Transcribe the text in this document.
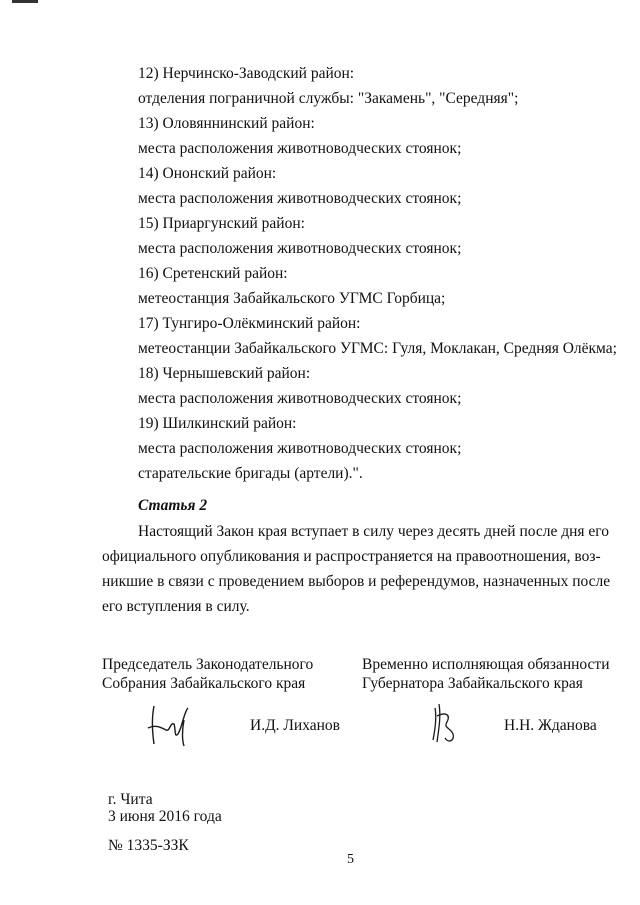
12) Нерчинско-Заводский район:
отделения пограничной службы: "Закамень", "Середняя";
13) Оловяннинский район:
места расположения животноводческих стоянок;
14) Ононский район:
места расположения животноводческих стоянок;
15) Приаргунский район:
места расположения животноводческих стоянок;
16) Сретенский район:
метеостанция Забайкальского УГМС Горбица;
17) Тунгиро-Олёкминский район:
метеостанции Забайкальского УГМС: Гуля, Моклакан, Средняя Олёкма;
18) Чернышевский район:
места расположения животноводческих стоянок;
19) Шилкинский район:
места расположения животноводческих стоянок;
старательские бригады (артели).".
Статья 2
Настоящий Закон края вступает в силу через десять дней после дня его
официального опубликования и распространяется на правоотношения, воз-
никшие в связи с проведением выборов и референдумов, назначенных после
его вступления в силу.
Председатель Законодательного
Собрания Забайкальского края
Временно исполняющая обязанности
Губернатора Забайкальского края
И.Д. Лиханов	Н.Н. Жданова
г. Чита
3 июня 2016 года
№ 1335-ЗЗК
5
